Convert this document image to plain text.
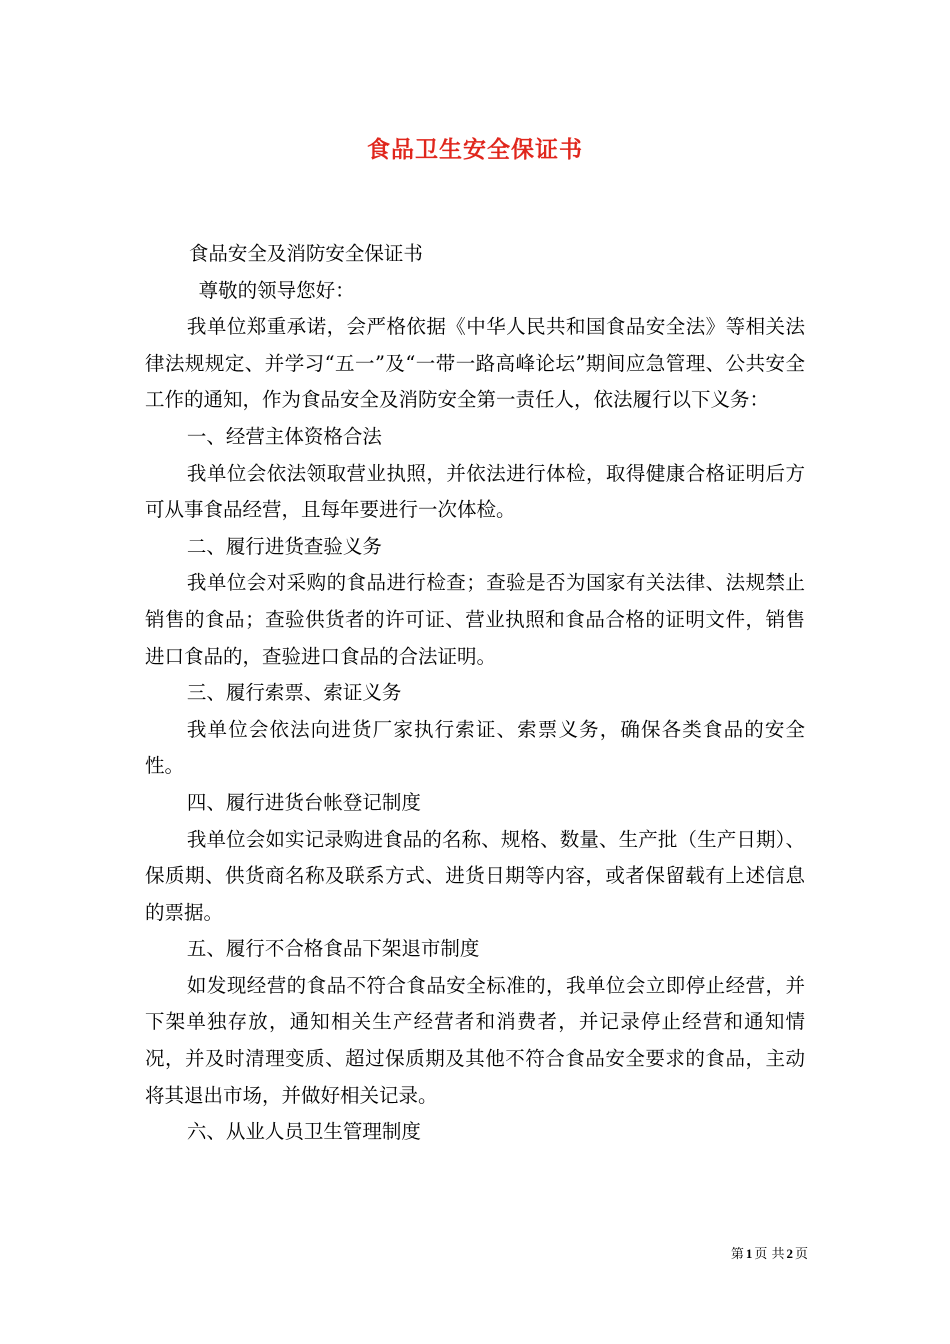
食品卫生安全保证书

食品安全及消防安全保证书

尊敬的领导您好：

我单位郑重承诺，会严格依据《中华人民共和国食品安全法》等相关法律法规规定、并学习“五一”及“一带一路高峰论坛”期间应急管理、公共安全工作的通知，作为食品安全及消防安全第一责任人，依法履行以下义务：

一、经营主体资格合法

我单位会依法领取营业执照，并依法进行体检，取得健康合格证明后方可从事食品经营，且每年要进行一次体检。

二、履行进货查验义务

我单位会对采购的食品进行检查；查验是否为国家有关法律、法规禁止销售的食品；查验供货者的许可证、营业执照和食品合格的证明文件，销售进口食品的，查验进口食品的合法证明。

三、履行索票、索证义务

我单位会依法向进货厂家执行索证、索票义务，确保各类食品的安全性。

四、履行进货台帐登记制度

我单位会如实记录购进食品的名称、规格、数量、生产批（生产日期）、保质期、供货商名称及联系方式、进货日期等内容，或者保留载有上述信息的票据。

五、履行不合格食品下架退市制度

如发现经营的食品不符合食品安全标准的，我单位会立即停止经营，并下架单独存放，通知相关生产经营者和消费者，并记录停止经营和通知情况，并及时清理变质、超过保质期及其他不符合食品安全要求的食品，主动将其退出市场，并做好相关记录。

六、从业人员卫生管理制度

第 1 页 共 2 页
